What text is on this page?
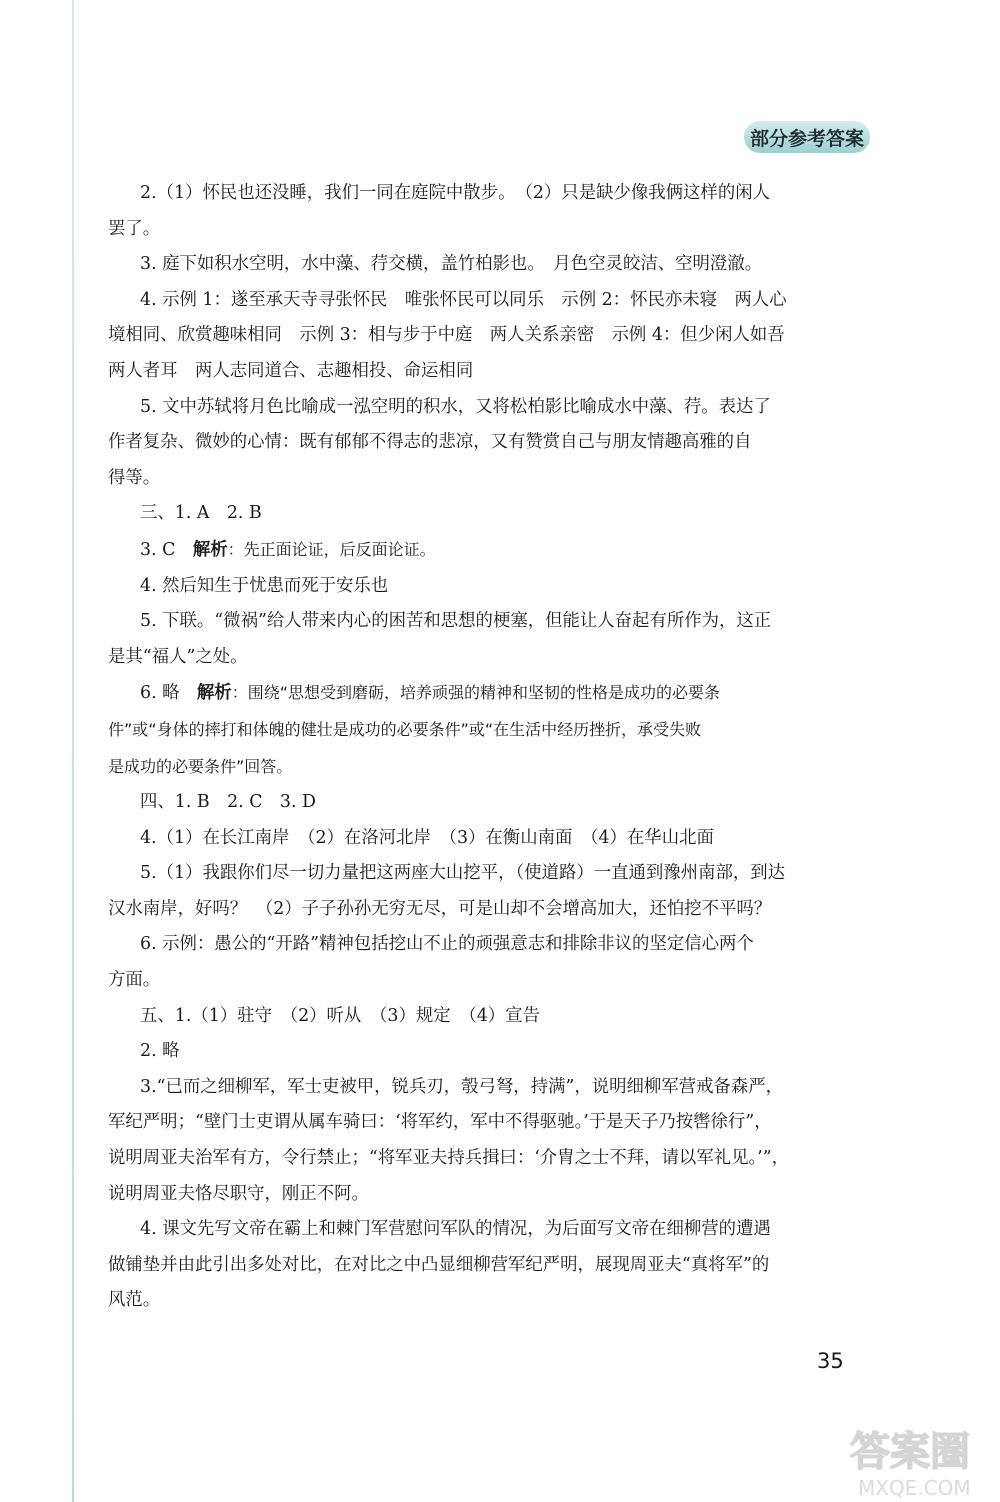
部分参考答案
2.（1）怀民也还没睡，我们一同在庭院中散步。　（2）只是缺少像我俩这样的闲人
罢了。
3. 庭下如积水空明，水中藻、荇交横，盖竹柏影也。　月色空灵皎洁、空明澄澈。
4. 示例 1：遂至承天寺寻张怀民　唯张怀民可以同乐　示例 2：怀民亦未寝　两人心
境相同、欣赏趣味相同　示例 3：相与步于中庭　两人关系亲密　示例 4：但少闲人如吾
两人者耳　两人志同道合、志趣相投、命运相同
5. 文中苏轼将月色比喻成一泓空明的积水，又将松柏影比喻成水中藻、荇。表达了
作者复杂、微妙的心情：既有郁郁不得志的悲凉，又有赞赏自己与朋友情趣高雅的自
得等。
三、1. A　2. B
3. C　解析：先正面论证，后反面论证。
4. 然后知生于忧患而死于安乐也
5. 下联。“微祸”给人带来内心的困苦和思想的梗塞，但能让人奋起有所作为，这正
是其“福人”之处。
6. 略　解析：围绕“思想受到磨砺，培养顽强的精神和坚韧的性格是成功的必要条
件”或“身体的摔打和体魄的健壮是成功的必要条件”或“在生活中经历挫折，承受失败
是成功的必要条件”回答。
四、1. B　2. C　3. D
4.（1）在长江南岸　（2）在洛河北岸　（3）在衡山南面　（4）在华山北面
5.（1）我跟你们尽一切力量把这两座大山挖平，（使道路）一直通到豫州南部，到达
汉水南岸，好吗？　（2）子子孙孙无穷无尽，可是山却不会增高加大，还怕挖不平吗？
6. 示例：愚公的“开路”精神包括挖山不止的顽强意志和排除非议的坚定信心两个
方面。
五、1.（1）驻守　（2）听从　（3）规定　（4）宣告
2. 略
3.“已而之细柳军，军士吏被甲，锐兵刃，彀弓弩，持满”，说明细柳军营戒备森严，
军纪严明；“壁门士吏谓从属车骑曰：‘将军约，军中不得驱驰。’于是天子乃按辔徐行”，
说明周亚夫治军有方，令行禁止；“将军亚夫持兵揖曰：‘介胄之士不拜，请以军礼见。’”，
说明周亚夫恪尽职守，刚正不阿。
4. 课文先写文帝在霸上和棘门军营慰问军队的情况，为后面写文帝在细柳营的遭遇
做铺垫并由此引出多处对比，在对比之中凸显细柳营军纪严明，展现周亚夫“真将军”的
风范。
35
答案圈
MXQE.COM
